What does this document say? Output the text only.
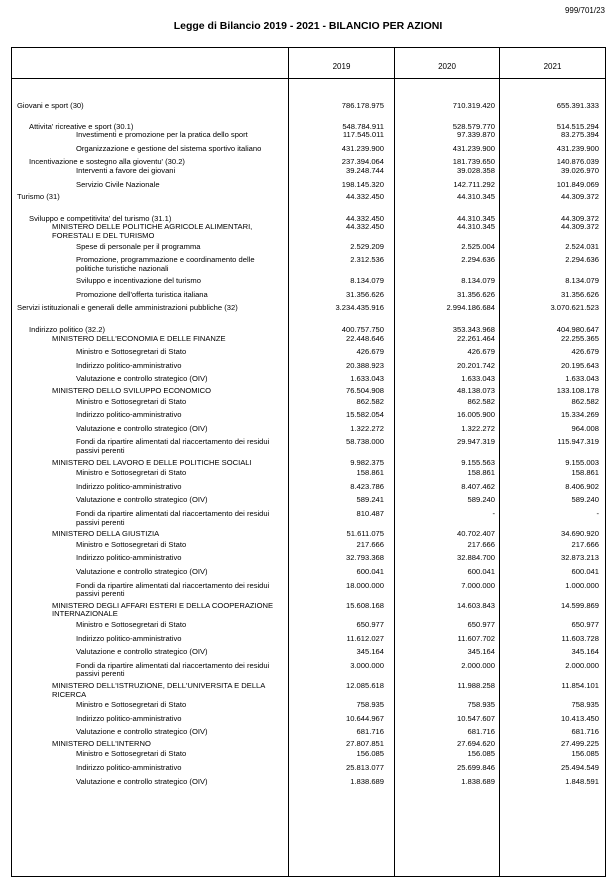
999/701/23
Legge di Bilancio 2019 - 2021 - BILANCIO PER AZIONI
2019	2020	2021
Giovani e sport (30)	786.178.975	710.319.420	655.391.333
Attivita' ricreative e sport (30.1)	548.784.911	528.579.770	514.515.294
Investimenti e promozione per la pratica dello sport	117.545.011	97.339.870	83.275.394
Organizzazione e gestione del sistema sportivo italiano	431.239.900	431.239.900	431.239.900
Incentivazione e sostegno alla gioventu' (30.2)	237.394.064	181.739.650	140.876.039
Interventi a favore dei giovani	39.248.744	39.028.358	39.026.970
Servizio Civile Nazionale	198.145.320	142.711.292	101.849.069
Turismo (31)	44.332.450	44.310.345	44.309.372
Sviluppo e competitivita' del turismo (31.1)	44.332.450	44.310.345	44.309.372
MINISTERO DELLE POLITICHE AGRICOLE ALIMENTARI, FORESTALI E DEL TURISMO
44.332.450	44.310.345	44.309.372
Spese di personale per il programma	2.529.209	2.525.004	2.524.031
Promozione, programmazione e coordinamento delle politiche turistiche nazionali
2.312.536	2.294.636	2.294.636
Sviluppo e incentivazione del turismo	8.134.079	8.134.079	8.134.079
Promozione dell'offerta turistica italiana	31.356.626	31.356.626	31.356.626
Servizi istituzionali e generali delle amministrazioni pubbliche (32)	3.234.435.916	2.994.186.684	3.070.621.523
Indirizzo politico (32.2)	400.757.750	353.343.968	404.980.647
MINISTERO DELL'ECONOMIA E DELLE FINANZE	22.448.646	22.261.464	22.255.365
Ministro e Sottosegretari di Stato	426.679	426.679	426.679
Indirizzo politico-amministrativo	20.388.923	20.201.742	20.195.643
Valutazione e controllo strategico (OIV)	1.633.043	1.633.043	1.633.043
MINISTERO DELLO SVILUPPO ECONOMICO	76.504.908	48.138.073	133.108.178
Ministro e Sottosegretari di Stato	862.582	862.582	862.582
Indirizzo politico-amministrativo	15.582.054	16.005.900	15.334.269
Valutazione e controllo strategico (OIV)	1.322.272	1.322.272	964.008
Fondi da ripartire alimentati dal riaccertamento dei residui passivi perenti
58.738.000	29.947.319	115.947.319
MINISTERO DEL LAVORO E DELLE POLITICHE SOCIALI	9.982.375	9.155.563	9.155.003
Ministro e Sottosegretari di Stato	158.861	158.861	158.861
Indirizzo politico-amministrativo	8.423.786	8.407.462	8.406.902
Valutazione e controllo strategico (OIV)	589.241	589.240	589.240
Fondi da ripartire alimentati dal riaccertamento dei residui passivi perenti
810.487	-	-
MINISTERO DELLA GIUSTIZIA	51.611.075	40.702.407	34.690.920
Ministro e Sottosegretari di Stato	217.666	217.666	217.666
Indirizzo politico-amministrativo	32.793.368	32.884.700	32.873.213
Valutazione e controllo strategico (OIV)	600.041	600.041	600.041
Fondi da ripartire alimentati dal riaccertamento dei residui passivi perenti
18.000.000	7.000.000	1.000.000
MINISTERO DEGLI AFFARI ESTERI E DELLA COOPERAZIONE INTERNAZIONALE
15.608.168	14.603.843	14.599.869
Ministro e Sottosegretari di Stato	650.977	650.977	650.977
Indirizzo politico-amministrativo	11.612.027	11.607.702	11.603.728
Valutazione e controllo strategico (OIV)	345.164	345.164	345.164
Fondi da ripartire alimentati dal riaccertamento dei residui passivi perenti
3.000.000	2.000.000	2.000.000
MINISTERO DELL'ISTRUZIONE, DELL'UNIVERSITA E DELLA RICERCA
12.085.618	11.988.258	11.854.101
Ministro e Sottosegretari di Stato	758.935	758.935	758.935
Indirizzo politico-amministrativo	10.644.967	10.547.607	10.413.450
Valutazione e controllo strategico (OIV)	681.716	681.716	681.716
MINISTERO DELL'INTERNO	27.807.851	27.694.620	27.499.225
Ministro e Sottosegretari di Stato	156.085	156.085	156.085
Indirizzo politico-amministrativo	25.813.077	25.699.846	25.494.549
Valutazione e controllo strategico (OIV)	1.838.689	1.838.689	1.848.591
